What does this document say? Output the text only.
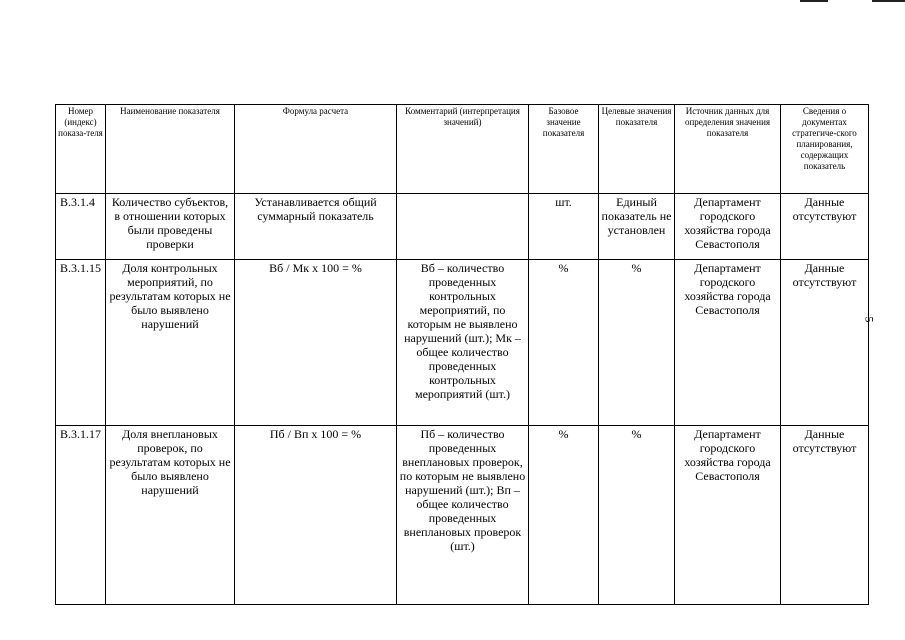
5
Номер (индекс) показа-теля	Наименование показателя	Формула расчета	Комментарий (интерпретация значений)	Базовое значение показателя	Целевые значения показателя	Источник данных для определения значения показателя	Сведения о документах стратегиче-ского планирования, содержащих показатель
В.3.1.4	Количество субъектов, в отношении которых были проведены проверки	Устанавливается общий суммарный показатель		шт.	Единый показатель не установлен	Департамент городского хозяйства города Севастополя	Данные отсутствуют
В.3.1.15	Доля контрольных мероприятий, по результатам которых не было выявлено нарушений	Вб / Мк х 100 = %	Вб – количество проведенных контрольных мероприятий, по которым не выявлено нарушений (шт.); Мк – общее количество проведенных контрольных мероприятий (шт.)	%	%	Департамент городского хозяйства города Севастополя	Данные отсутствуют
В.3.1.17	Доля внеплановых проверок, по результатам которых не было выявлено нарушений	Пб / Вп х 100 = %	Пб – количество проведенных внеплановых проверок, по которым не выявлено нарушений (шт.); Вп – общее количество проведенных внеплановых проверок (шт.)	%	%	Департамент городского хозяйства города Севастополя	Данные отсутствуют
